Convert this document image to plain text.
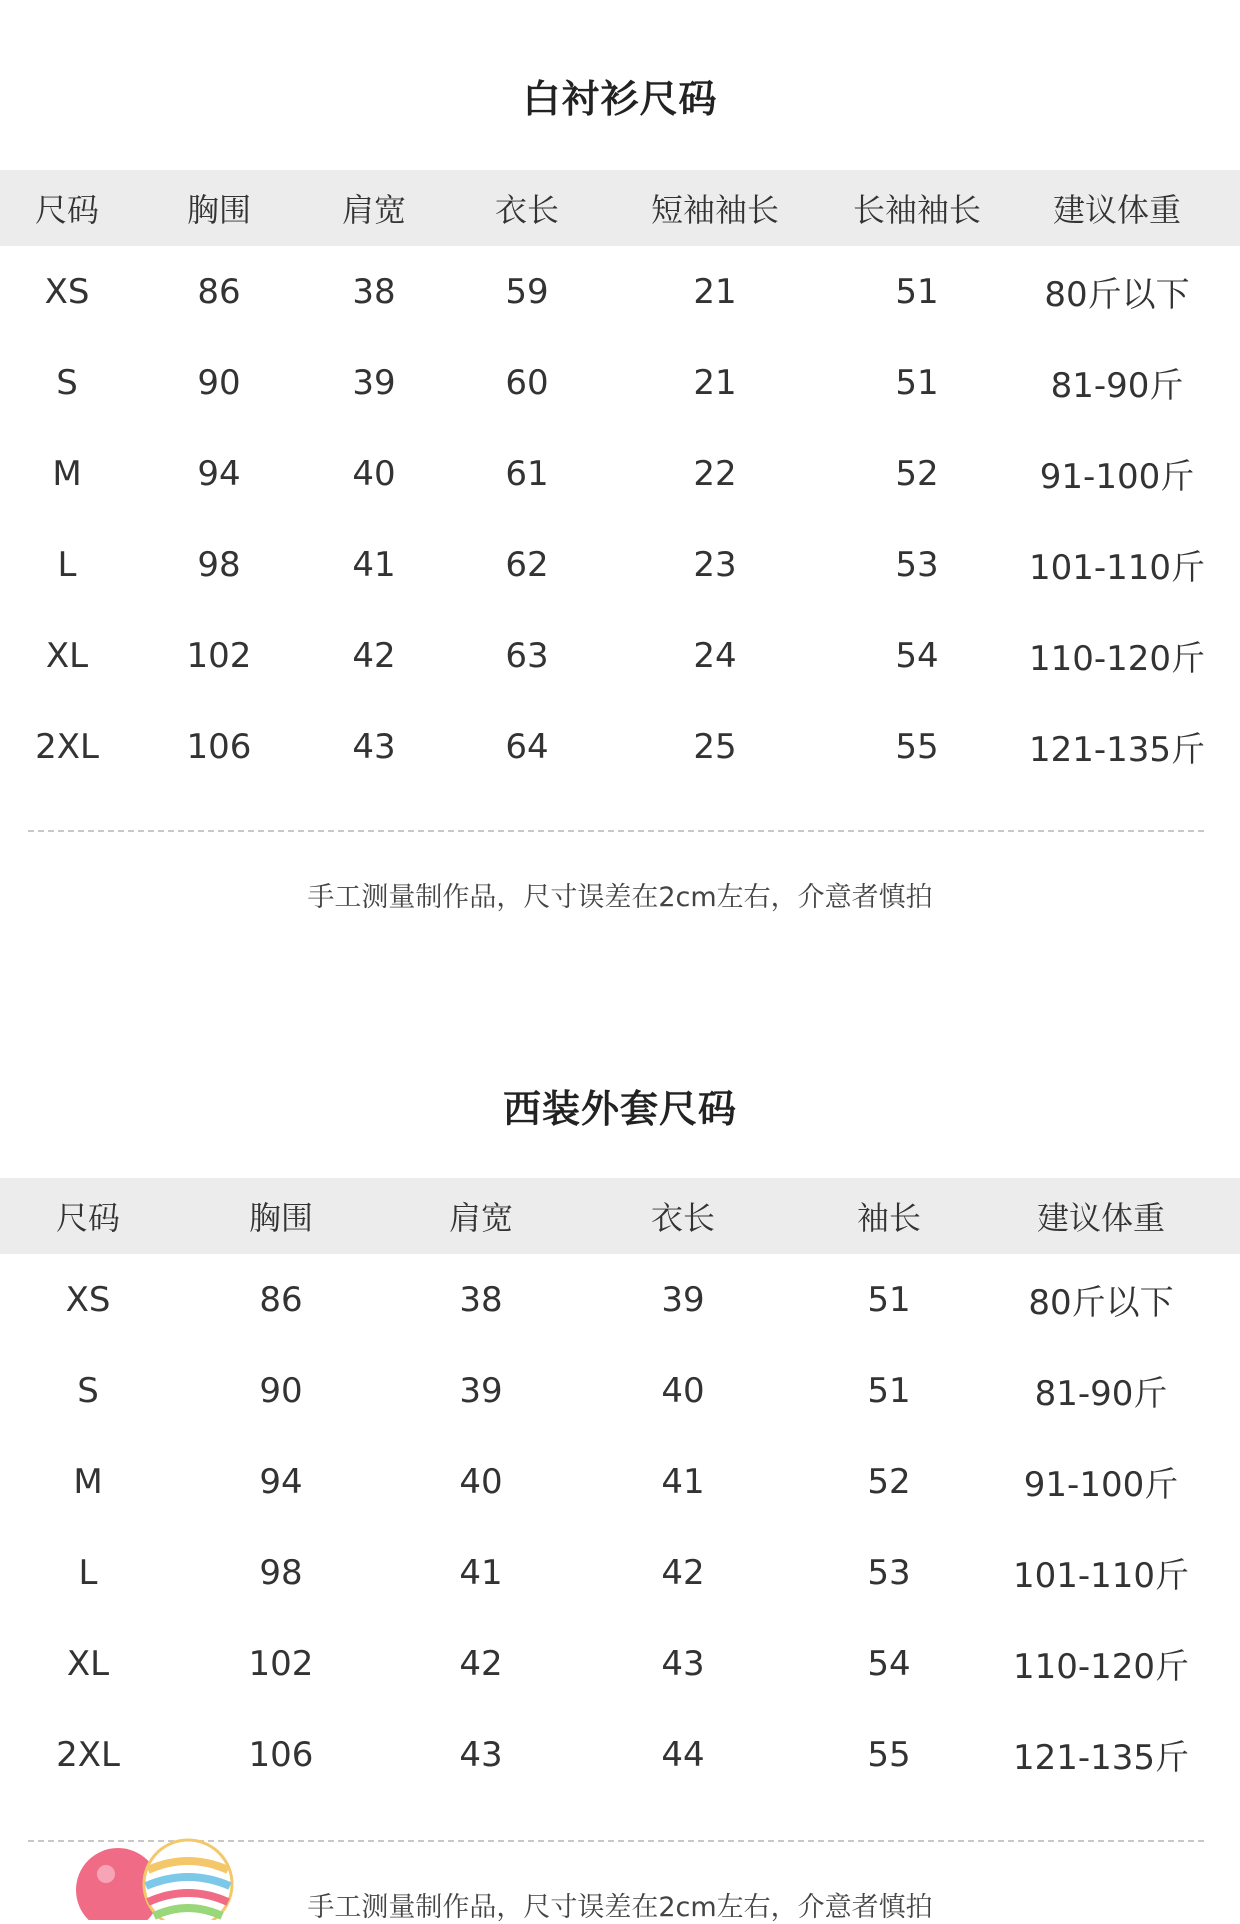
白衬衫尺码
尺码	胸围	肩宽	衣长	短袖袖长	长袖袖长	建议体重
XS	86	38	59	21	51	80斤以下
S	90	39	60	21	51	81-90斤
M	94	40	61	22	52	91-100斤
L	98	41	62	23	53	101-110斤
XL	102	42	63	24	54	110-120斤
2XL	106	43	64	25	55	121-135斤
手工测量制作品，尺寸误差在2cm左右，介意者慎拍
西装外套尺码
尺码	胸围	肩宽	衣长	袖长	建议体重
XS	86	38	39	51	80斤以下
S	90	39	40	51	81-90斤
M	94	40	41	52	91-100斤
L	98	41	42	53	101-110斤
XL	102	42	43	54	110-120斤
2XL	106	43	44	55	121-135斤
手工测量制作品，尺寸误差在2cm左右，介意者慎拍
